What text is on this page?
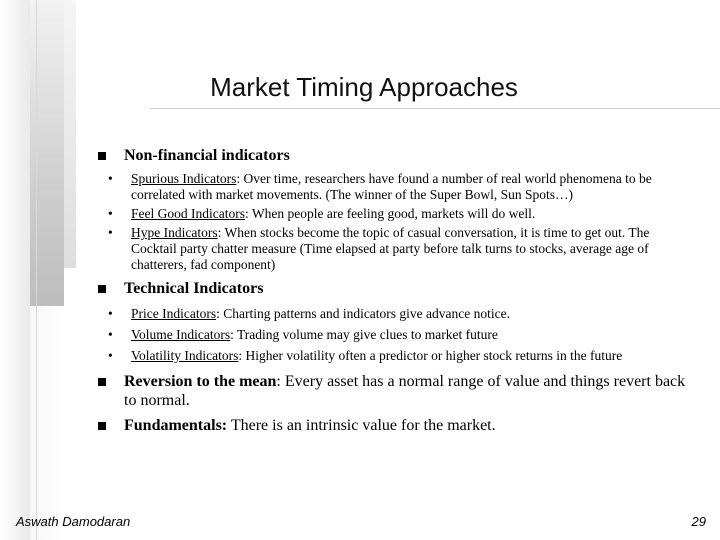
Market Timing Approaches
Non-financial indicators
• Spurious Indicators: Over time, researchers have found a number of real world phenomena to be correlated with market movements. (The winner of the Super Bowl, Sun Spots…)
• Feel Good Indicators: When people are feeling good, markets will do well.
• Hype Indicators: When stocks become the topic of casual conversation, it is time to get out. The Cocktail party chatter measure (Time elapsed at party before talk turns to stocks, average age of chatterers, fad component)
Technical Indicators
• Price Indicators: Charting patterns and indicators give advance notice.
• Volume Indicators: Trading volume may give clues to market future
• Volatility Indicators: Higher volatility often a predictor or higher stock returns in the future
Reversion to the mean: Every asset has a normal range of value and things revert back to normal.
Fundamentals: There is an intrinsic value for the market.
Aswath Damodaran	29
